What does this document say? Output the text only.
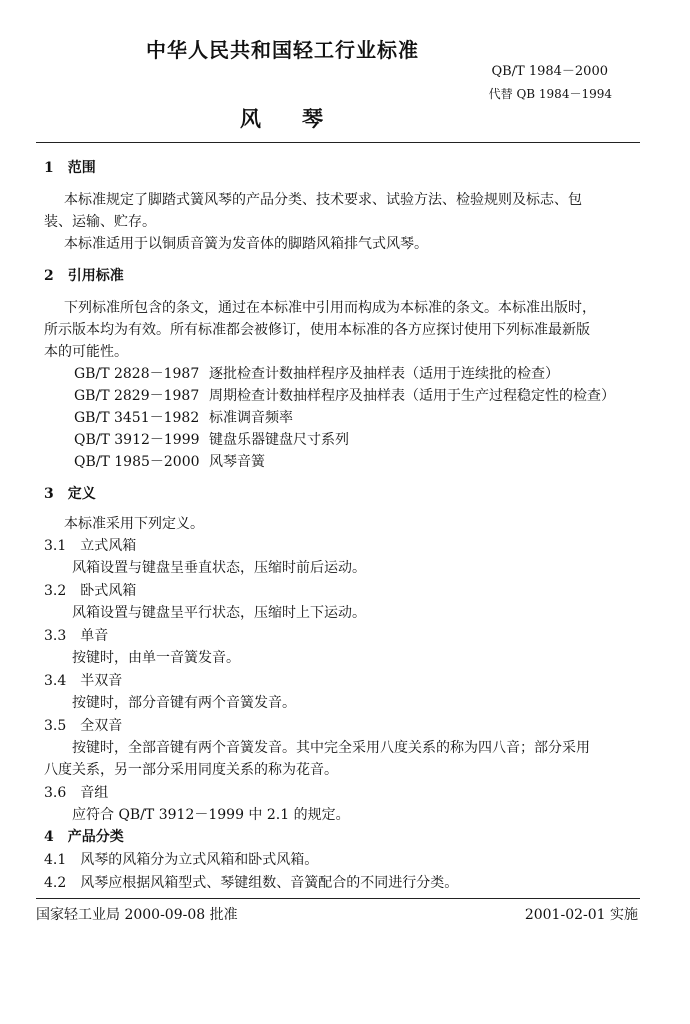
中华人民共和国轻工行业标准
QB/T 1984－2000
代替 QB 1984－1994
风　琴
1　范围
本标准规定了脚踏式簧风琴的产品分类、技术要求、试验方法、检验规则及标志、包
装、运输、贮存。
本标准适用于以铜质音簧为发音体的脚踏风箱排气式风琴。
2　引用标准
下列标准所包含的条文，通过在本标准中引用而构成为本标准的条文。本标准出版时，
所示版本均为有效。所有标准都会被修订，使用本标准的各方应探讨使用下列标准最新版
本的可能性。
GB/T 2828－1987 逐批检查计数抽样程序及抽样表（适用于连续批的检查）
GB/T 2829－1987 周期检查计数抽样程序及抽样表（适用于生产过程稳定性的检查）
GB/T 3451－1982 标准调音频率
QB/T 3912－1999 键盘乐器键盘尺寸系列
QB/T 1985－2000 风琴音簧
3　定义
本标准采用下列定义。
3.1　立式风箱
风箱设置与键盘呈垂直状态，压缩时前后运动。
3.2　卧式风箱
风箱设置与键盘呈平行状态，压缩时上下运动。
3.3　单音
按键时，由单一音簧发音。
3.4　半双音
按键时，部分音键有两个音簧发音。
3.5　全双音
按键时，全部音键有两个音簧发音。其中完全采用八度关系的称为四八音；部分采用
八度关系，另一部分采用同度关系的称为花音。
3.6　音组
应符合 QB/T 3912－1999 中 2.1 的规定。
4　产品分类
4.1　风琴的风箱分为立式风箱和卧式风箱。
4.2　风琴应根据风箱型式、琴键组数、音簧配合的不同进行分类。
国家轻工业局 2000-09-08 批准	2001-02-01 实施
